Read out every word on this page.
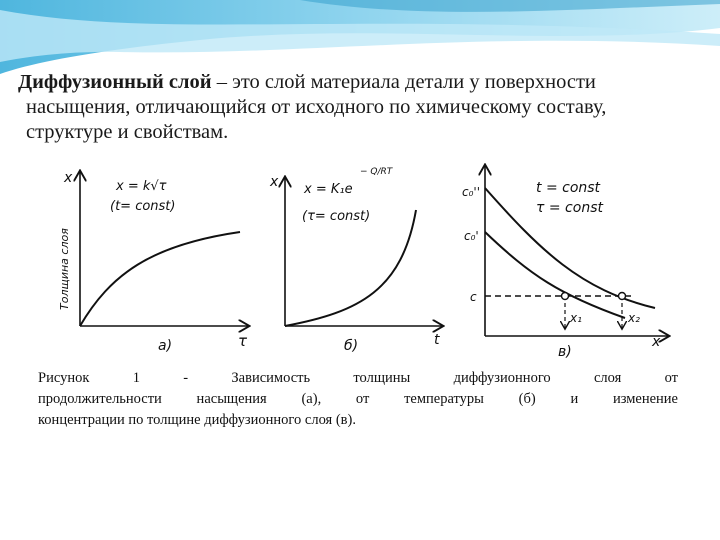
Диффузионный слой – это слой материала детали у поверхности
насыщения, отличающийся от исходного по химическому составу,
структуре и свойствам.
x
Толщина слоя
x = k√τ
(t= const)
τ
а)
x x = K₁e
− Q/RT
(τ= const)
t
б)
c₀''
c₀'
c
t = const
τ = const
x₁	x₂
x
в)
Рисунок 1 - Зависимость толщины диффузионного слоя от
продолжительности насыщения (а), от температуры (б) и изменение
концентрации по толщине диффузионного слоя (в).
